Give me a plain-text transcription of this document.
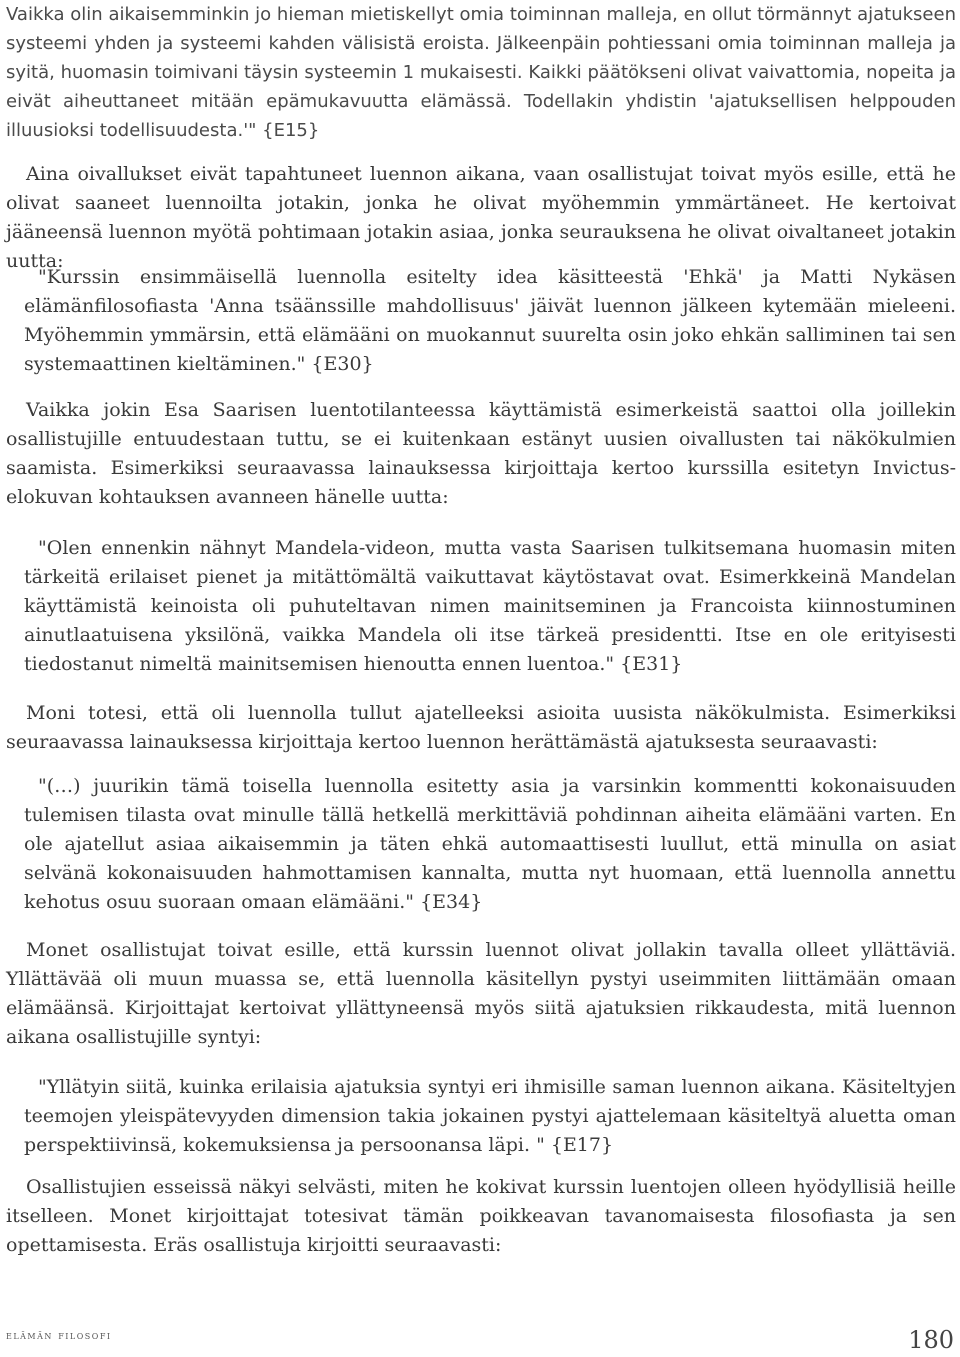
Vaikka olin aikaisemminkin jo hieman mietiskellyt omia toiminnan malleja, en ollut törmännyt ajatukseen systeemi yhden ja systeemi kahden välisistä eroista. Jälkeenpäin pohtiessani omia toiminnan malleja ja syitä, huomasin toimivani täysin systeemin 1 mukaisesti. Kaikki päätökseni olivat vaivattomia, nopeita ja eivät aiheuttaneet mitään epämukavuutta elämässä. Todellakin yhdistin 'ajatuksellisen helppouden illuusioksi todellisuudesta.'" {E15}

Aina oivallukset eivät tapahtuneet luennon aikana, vaan osallistujat toivat myös esille, että he olivat saaneet luennoilta jotakin, jonka he olivat myöhemmin ymmärtäneet. He kertoivat jääneensä luennon myötä pohtimaan jotakin asiaa, jonka seurauksena he olivat oivaltaneet jotakin uutta:

"Kurssin ensimmäisellä luennolla esitelty idea käsitteestä 'Ehkä' ja Matti Nykäsen elämänfilosofiasta 'Anna tsäänssille mahdollisuus' jäivät luennon jälkeen kytemään mieleeni. Myöhemmin ymmärsin, että elämääni on muokannut suurelta osin joko ehkän salliminen tai sen systemaattinen kieltäminen." {E30}

Vaikka jokin Esa Saarisen luentotilanteessa käyttämistä esimerkeistä saattoi olla joillekin osallistujille entuudestaan tuttu, se ei kuitenkaan estänyt uusien oivallusten tai näkökulmien saamista. Esimerkiksi seuraavassa lainauksessa kirjoittaja kertoo kurssilla esitetyn Invictus-elokuvan kohtauksen avanneen hänelle uutta:

"Olen ennenkin nähnyt Mandela-videon, mutta vasta Saarisen tulkitsemana huomasin miten tärkeitä erilaiset pienet ja mitättömältä vaikuttavat käytöstavat ovat. Esimerkkeinä Mandelan käyttämistä keinoista oli puhuteltavan nimen mainitseminen ja Francoista kiinnostuminen ainutlaatuisena yksilönä, vaikka Mandela oli itse tärkeä presidentti. Itse en ole erityisesti tiedostanut nimeltä mainitsemisen hienoutta ennen luentoa." {E31}

Moni totesi, että oli luennolla tullut ajatelleeksi asioita uusista näkökulmista. Esimerkiksi seuraavassa lainauksessa kirjoittaja kertoo luennon herättämästä ajatuksesta seuraavasti:

"(…) juurikin tämä toisella luennolla esitetty asia ja varsinkin kommentti kokonaisuuden tulemisen tilasta ovat minulle tällä hetkellä merkittäviä pohdinnan aiheita elämääni varten. En ole ajatellut asiaa aikaisemmin ja täten ehkä automaattisesti luullut, että minulla on asiat selvänä kokonaisuuden hahmottamisen kannalta, mutta nyt huomaan, että luennolla annettu kehotus osuu suoraan omaan elämääni." {E34}

Monet osallistujat toivat esille, että kurssin luennot olivat jollakin tavalla olleet yllättäviä. Yllättävää oli muun muassa se, että luennolla käsitellyn pystyi useimmiten liittämään omaan elämäänsä. Kirjoittajat kertoivat yllättyneensä myös siitä ajatuksien rikkaudesta, mitä luennon aikana osallistujille syntyi:

"Yllätyin siitä, kuinka erilaisia ajatuksia syntyi eri ihmisille saman luennon aikana. Käsiteltyjen teemojen yleispätevyyden dimension takia jokainen pystyi ajattelemaan käsiteltyä aluetta oman perspektiivinsä, kokemuksiensa ja persoonansa läpi. " {E17}

Osallistujien esseissä näkyi selvästi, miten he kokivat kurssin luentojen olleen hyödyllisiä heille itselleen. Monet kirjoittajat totesivat tämän poikkeavan tavanomaisesta filosofiasta ja sen opettamisesta. Eräs osallistuja kirjoitti seuraavasti:

elämän filosofi	180
